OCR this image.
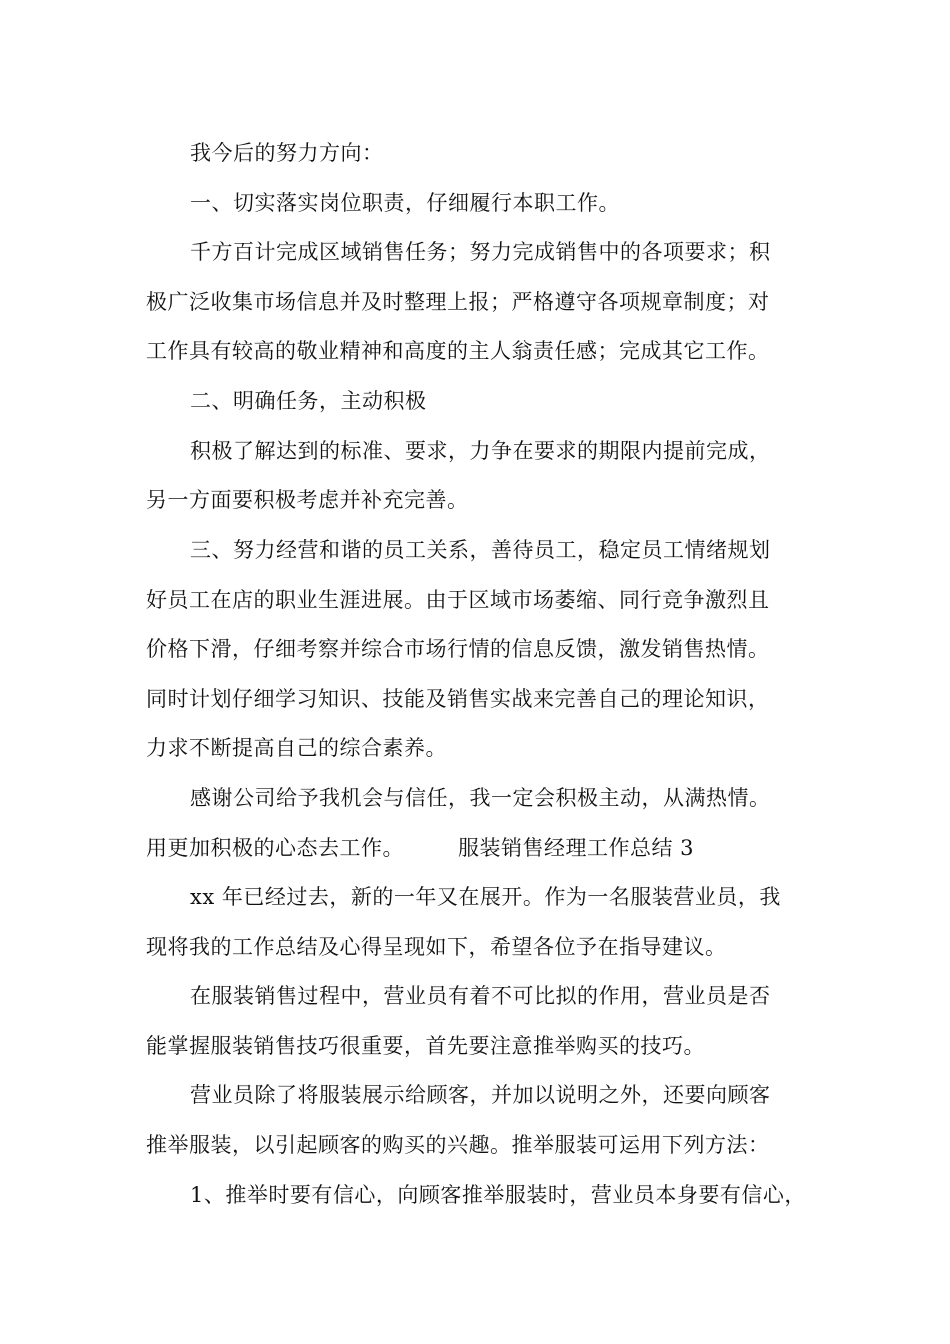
我今后的努力方向：
一、切实落实岗位职责，仔细履行本职工作。
千方百计完成区域销售任务；努力完成销售中的各项要求；积
极广泛收集市场信息并及时整理上报；严格遵守各项规章制度；对
工作具有较高的敬业精神和高度的主人翁责任感；完成其它工作。
二、明确任务，主动积极
积极了解达到的标准、要求，力争在要求的期限内提前完成，
另一方面要积极考虑并补充完善。
三、努力经营和谐的员工关系，善待员工，稳定员工情绪规划
好员工在店的职业生涯进展。由于区域市场萎缩、同行竞争激烈且
价格下滑，仔细考察并综合市场行情的信息反馈，激发销售热情。
同时计划仔细学习知识、技能及销售实战来完善自己的理论知识，
力求不断提高自己的综合素养。
感谢公司给予我机会与信任，我一定会积极主动，从满热情。
用更加积极的心态去工作。　　　服装销售经理工作总结 3
xx 年已经过去，新的一年又在展开。作为一名服装营业员，我
现将我的工作总结及心得呈现如下，希望各位予在指导建议。
在服装销售过程中，营业员有着不可比拟的作用，营业员是否
能掌握服装销售技巧很重要，首先要注意推举购买的技巧。
营业员除了将服装展示给顾客，并加以说明之外，还要向顾客
推举服装，以引起顾客的购买的兴趣。推举服装可运用下列方法：
1、推举时要有信心，向顾客推举服装时，营业员本身要有信心，
